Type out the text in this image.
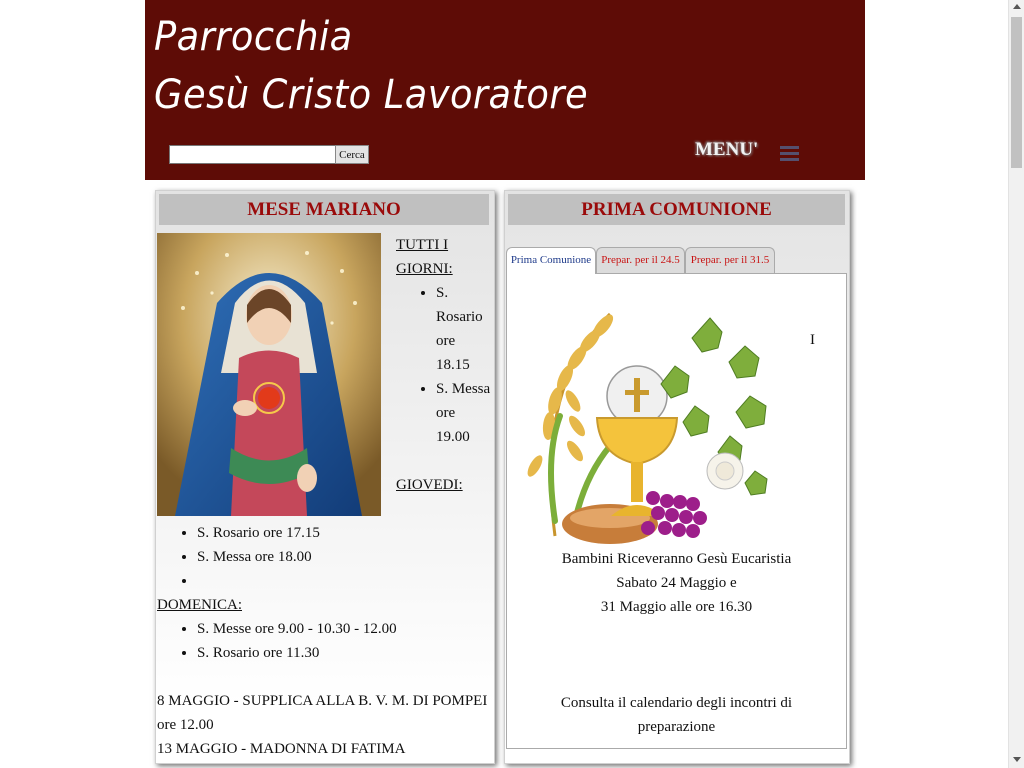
Parrocchia
Gesù Cristo Lavoratore
Cerca	MENU'
MESE MARIANO
TUTTI I GIORNI:
• S. Rosario ore 18.15
• S. Messa ore 19.00
GIOVEDI:
• S. Rosario ore 17.15
• S. Messa ore 18.00
•
DOMENICA:
• S. Messe ore 9.00 - 10.30 - 12.00
• S. Rosario ore 11.30

8 MAGGIO - SUPPLICA ALLA B. V. M. DI POMPEI ore 12.00

13 MAGGIO - MADONNA DI FATIMA

PRIMA COMUNIONE
Prima Comunione Prepar. per il 24.5 Prepar. per il 31.5
I
Bambini Riceveranno Gesù Eucaristia
Sabato 24 Maggio e
31 Maggio alle ore 16.30
Consulta il calendario degli incontri di
preparazione
